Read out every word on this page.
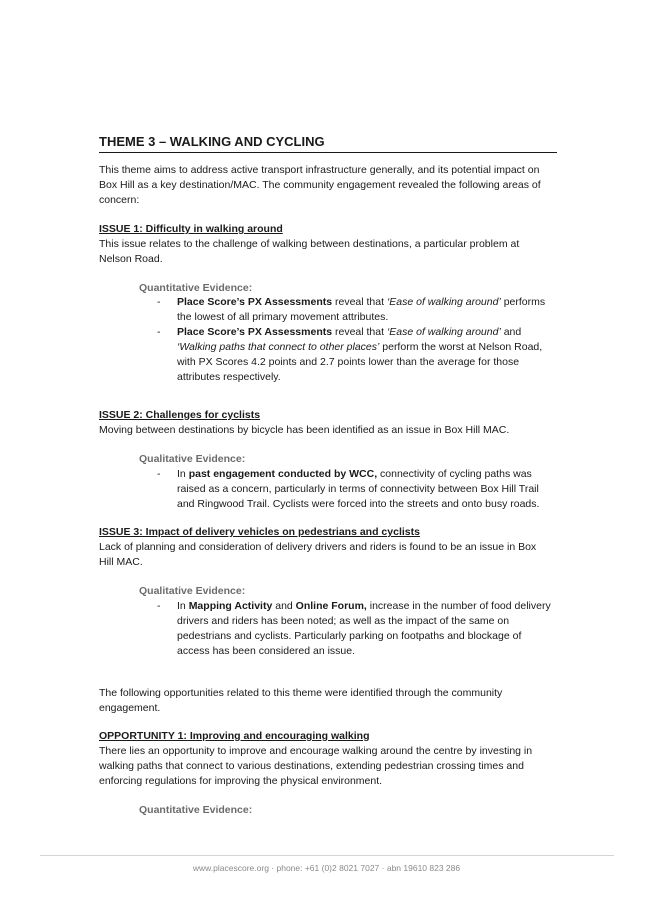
THEME 3 – WALKING AND CYCLING

This theme aims to address active transport infrastructure generally, and its potential impact on Box Hill as a key destination/MAC. The community engagement revealed the following areas of concern:

ISSUE 1: Difficulty in walking around
This issue relates to the challenge of walking between destinations, a particular problem at Nelson Road.

Quantitative Evidence:

- Place Score’s PX Assessments reveal that ‘Ease of walking around’ performs the lowest of all primary movement attributes.
- Place Score’s PX Assessments reveal that ‘Ease of walking around’ and ‘Walking paths that connect to other places’ perform the worst at Nelson Road, with PX Scores 4.2 points and 2.7 points lower than the average for those attributes respectively.
ISSUE 2: Challenges for cyclists
Moving between destinations by bicycle has been identified as an issue in Box Hill MAC.

Qualitative Evidence:

- In past engagement conducted by WCC, connectivity of cycling paths was raised as a concern, particularly in terms of connectivity between Box Hill Trail and Ringwood Trail. Cyclists were forced into the streets and onto busy roads.
ISSUE 3: Impact of delivery vehicles on pedestrians and cyclists
Lack of planning and consideration of delivery drivers and riders is found to be an issue in Box Hill MAC.

Qualitative Evidence:

- In Mapping Activity and Online Forum, increase in the number of food delivery drivers and riders has been noted; as well as the impact of the same on pedestrians and cyclists. Particularly parking on footpaths and blockage of access has been considered an issue.

The following opportunities related to this theme were identified through the community engagement.

OPPORTUNITY 1: Improving and encouraging walking
There lies an opportunity to improve and encourage walking around the centre by investing in walking paths that connect to various destinations, extending pedestrian crossing times and enforcing regulations for improving the physical environment.

Quantitative Evidence:

www.placescore.org · phone: +61 (0)2 8021 7027 · abn 19610 823 286
